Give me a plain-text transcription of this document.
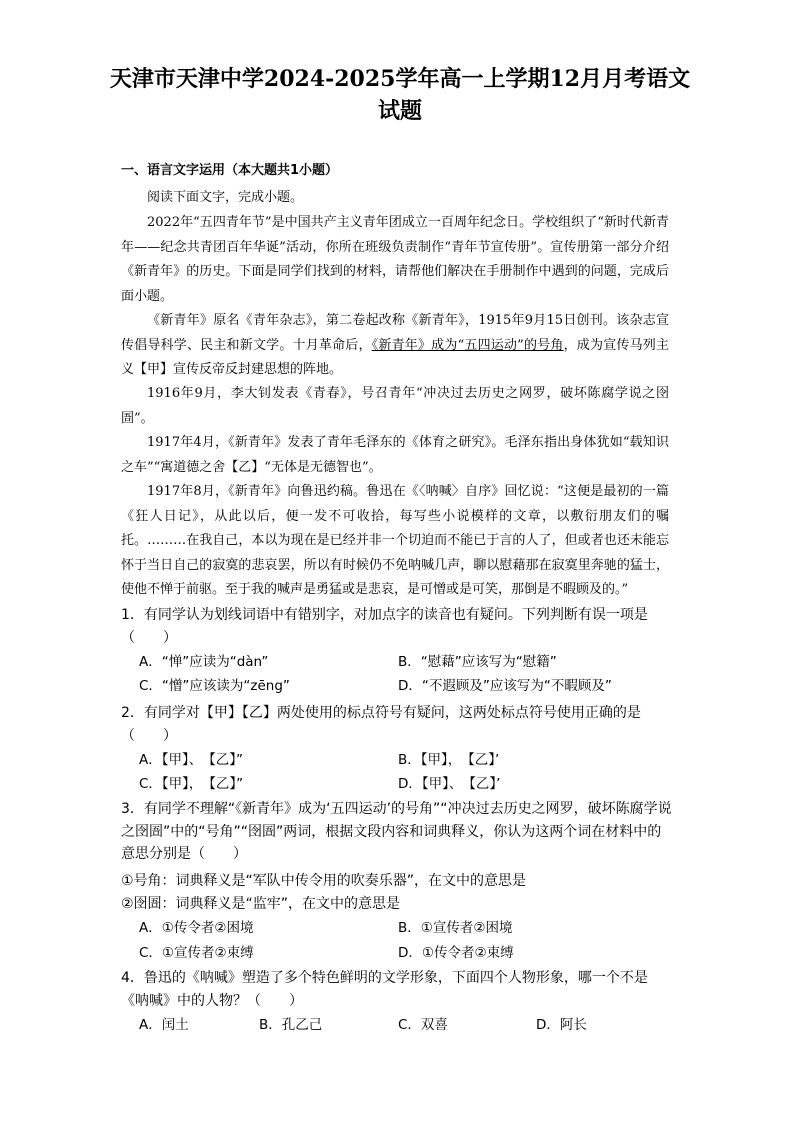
天津市天津中学2024-2025学年高一上学期12月月考语文试题
一、语言文字运用（本大题共1小题）
阅读下面文字，完成小题。
2022年“五四青年节”是中国共产主义青年团成立一百周年纪念日。学校组织了“新时代新青年——纪念共青团百年华诞”活动，你所在班级负责制作“青年节宣传册”。宣传册第一部分介绍《新青年》的历史。下面是同学们找到的材料，请帮他们解决在手册制作中遇到的问题，完成后面小题。
《新青年》原名《青年杂志》，第二卷起改称《新青年》，1915年9月15日创刊。该杂志宣传倡导科学、民主和新文学。十月革命后，《新青年》成为“五四运动”的号角，成为宣传马列主义【甲】宣传反帝反封建思想的阵地。
1916年9月，李大钊发表《青春》，号召青年“冲决过去历史之网罗，破坏陈腐学说之囹圄”。
1917年4月，《新青年》发表了青年毛泽东的《体育之研究》。毛泽东指出身体犹如“载知识之车”“寓道德之舍【乙】“无体是无德智也”。
1917年8月，《新青年》向鲁迅约稿。鲁迅在《〈呐喊〉自序》回忆说：“这便是最初的一篇《狂人日记》，从此以后，便一发不可收拾，每写些小说模样的文章，以敷衍朋友们的嘱托。………在我自己，本以为现在是已经并非一个切迫而不能已于言的人了，但或者也还未能忘怀于当日自己的寂寞的悲哀罢，所以有时候仍不免呐喊几声，聊以慰藉那在寂寞里奔驰的猛士，使他不惮于前驱。至于我的喊声是勇猛或是悲哀，是可憎或是可笑，那倒是不暇顾及的。”
1．有同学认为划线词语中有错别字，对加点字的读音也有疑问。下列判断有误一项是（　　）
A．“惮”应读为“dàn”	B．“慰藉”应该写为“慰籍”
C．“憎”应该读为“zēng”	D．“不遐顾及”应该写为“不暇顾及”
2．有同学对【甲】【乙】两处使用的标点符号有疑问，这两处标点符号使用正确的是（　　）
A．【甲】、　【乙】”	B．【甲】，　【乙】’
C．【甲】，　【乙】”	D．【甲】、　【乙】’
3．有同学不理解“《新青年》成为‘五四运动’的号角”“冲决过去历史之网罗，破坏陈腐学说之囹圄”中的“号角”“囹圄”两词，根据文段内容和词典释义，你认为这两个词在材料中的意思分别是（　　）
①号角：词典释义是“军队中传令用的吹奏乐器”，在文中的意思是
②囹圄：词典释义是“监牢”，在文中的意思是
A．①传令者②困境	B．①宣传者②困境
C．①宣传者②束缚	D．①传令者②束缚
4．鲁迅的《呐喊》塑造了多个特色鲜明的文学形象，下面四个人物形象，哪一个不是《呐喊》中的人物？（　　）
A．闰土	B．孔乙己	C．双喜	D．阿长
